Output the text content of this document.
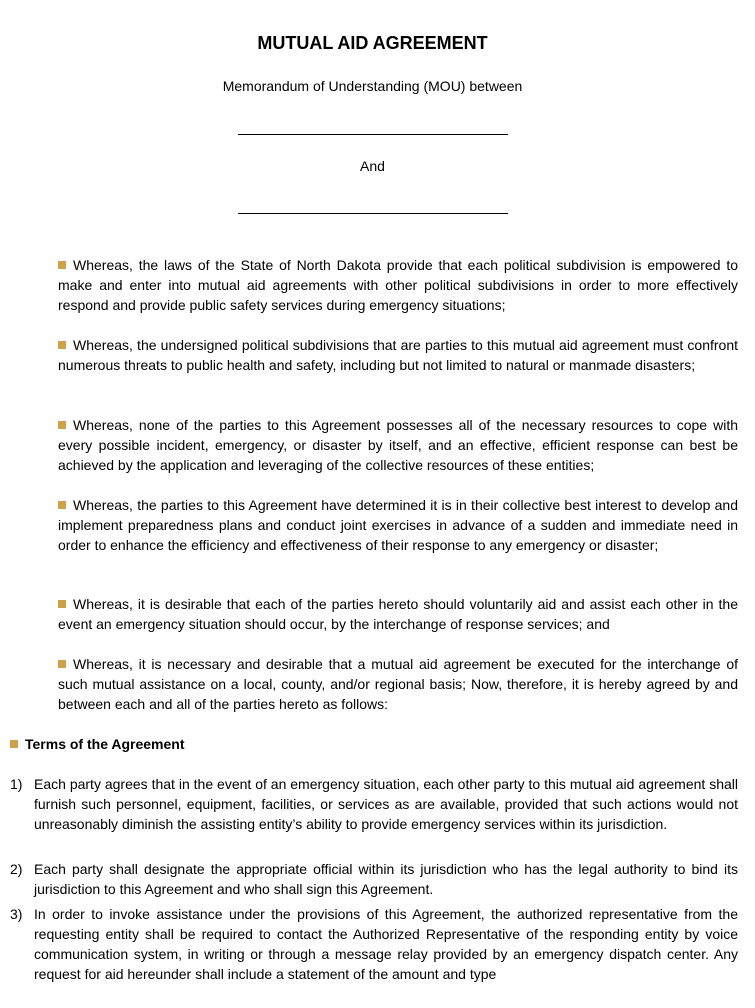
MUTUAL AID AGREEMENT
Memorandum of Understanding (MOU) between
And

Whereas, the laws of the State of North Dakota provide that each political subdivision is empowered to make and enter into mutual aid agreements with other political subdivisions in order to more effectively respond and provide public safety services during emergency situations;

Whereas, the undersigned political subdivisions that are parties to this mutual aid agreement must confront numerous threats to public health and safety, including but not limited to natural or manmade disasters;

Whereas, none of the parties to this Agreement possesses all of the necessary resources to cope with every possible incident, emergency, or disaster by itself, and an effective, efficient response can best be achieved by the application and leveraging of the collective resources of these entities;

Whereas, the parties to this Agreement have determined it is in their collective best interest to develop and implement preparedness plans and conduct joint exercises in advance of a sudden and immediate need in order to enhance the efficiency and effectiveness of their response to any emergency or disaster;

Whereas, it is desirable that each of the parties hereto should voluntarily aid and assist each other in the event an emergency situation should occur, by the interchange of response services; and

Whereas, it is necessary and desirable that a mutual aid agreement be executed for the interchange of such mutual assistance on a local, county, and/or regional basis; Now, therefore, it is hereby agreed by and between each and all of the parties hereto as follows:

Terms of the Agreement

1) Each party agrees that in the event of an emergency situation, each other party to this mutual aid agreement shall furnish such personnel, equipment, facilities, or services as are available, provided that such actions would not unreasonably diminish the assisting entity’s ability to provide emergency services within its jurisdiction.
2) Each party shall designate the appropriate official within its jurisdiction who has the legal authority to bind its jurisdiction to this Agreement and who shall sign this Agreement.
3) In order to invoke assistance under the provisions of this Agreement, the authorized representative from the requesting entity shall be required to contact the Authorized Representative of the responding entity by voice communication system, in writing or through a message relay provided by an emergency dispatch center. Any request for aid hereunder shall include a statement of the amount and type
